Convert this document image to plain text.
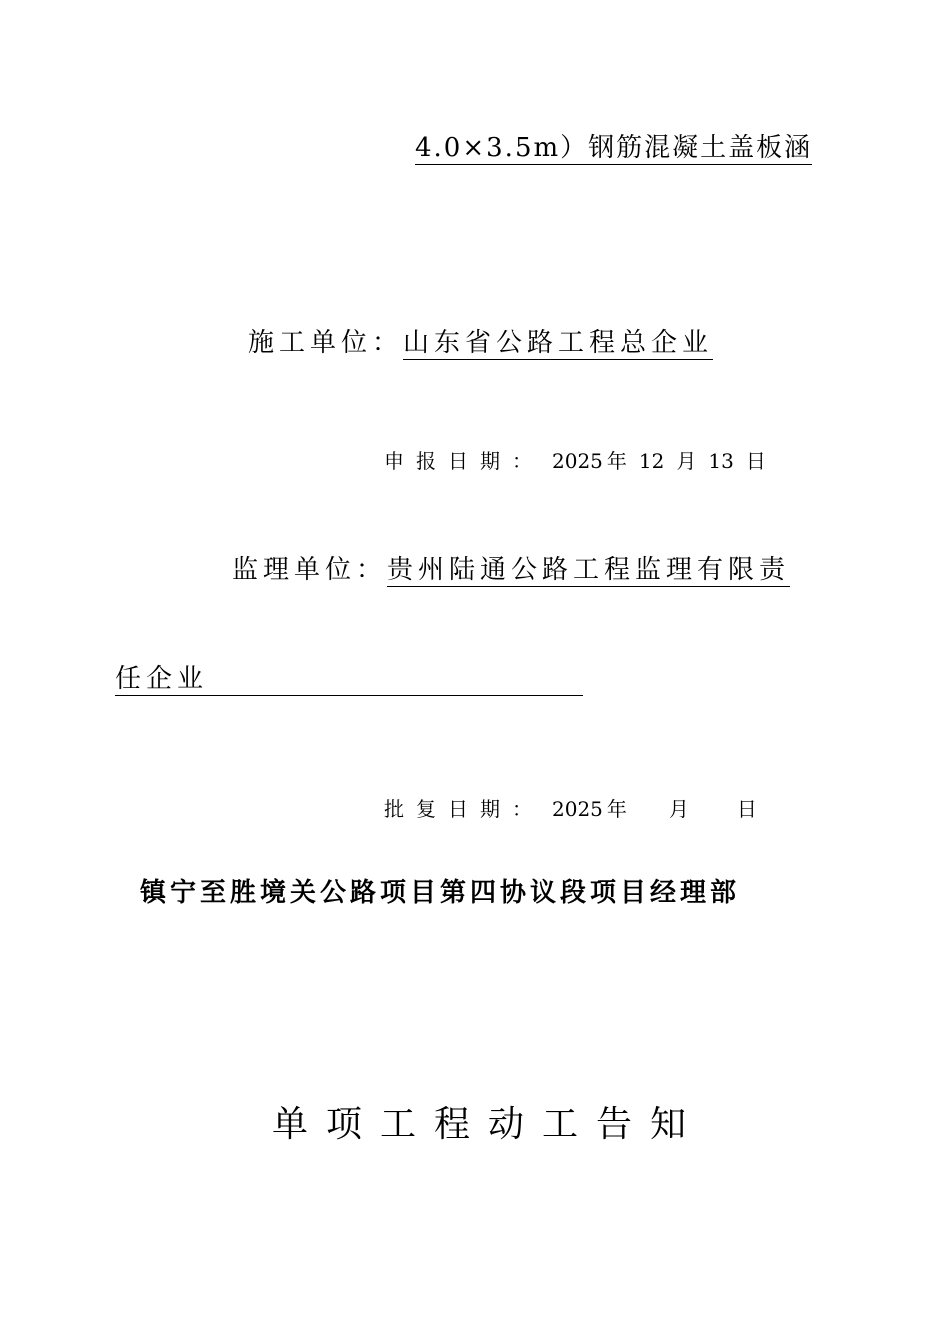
4.0×3.5m）钢筋混凝土盖板涵
施工单位：山东省公路工程总企业
申报日期： 2025 年 12 月 13 日
监理单位：贵州陆通公路工程监理有限责
任企业
批复日期： 2025 年 月 日
镇宁至胜境关公路项目第四协议段项目经理部
单项工程动工告知
